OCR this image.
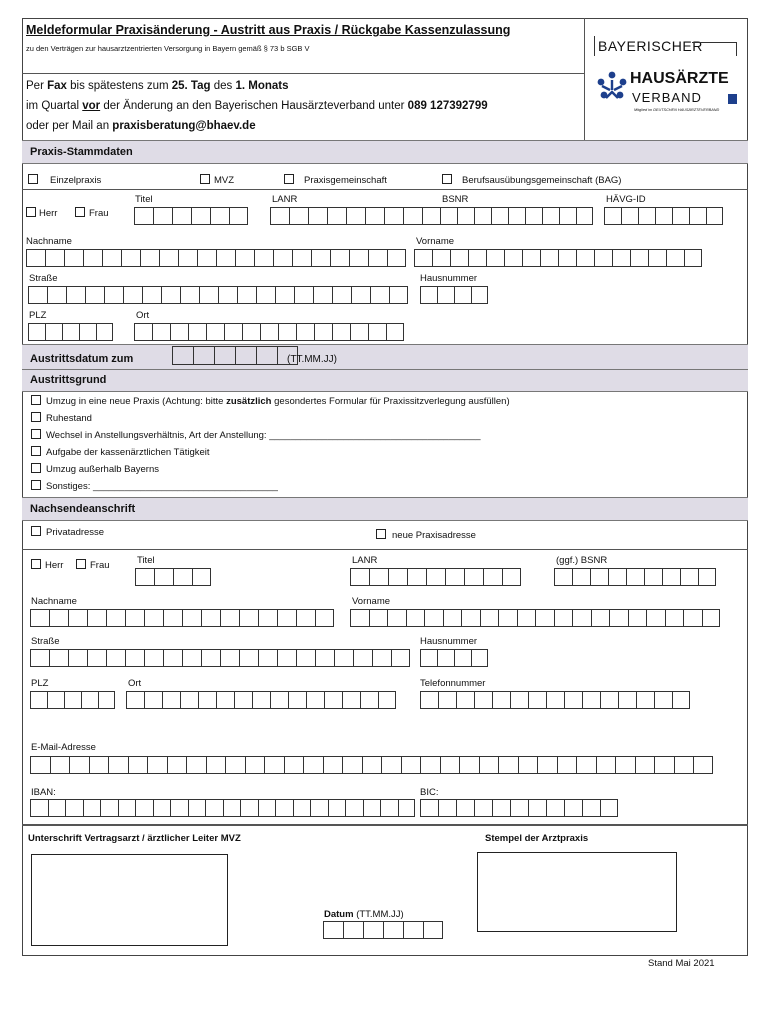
Meldeformular Praxisänderung - Austritt aus Praxis / Rückgabe Kassenzulassung
zu den Verträgen zur hausarztzentrierten Versorgung in Bayern gemäß § 73 b SGB V
Per Fax bis spätestens zum 25. Tag des 1. Monats
im Quartal vor der Änderung an den Bayerischen Hausärzteverband unter 089 127392799
oder per Mail an praxisberatung@bhaev.de
BAYERISCHER
HAUSÄRZTE
VERBAND
Mitglied im DEUTSCHEN HAUSÄRZTEVERBAND
Praxis-Stammdaten
Einzelpraxis	MVZ	Praxisgemeinschaft	Berufsausübungsgemeinschaft (BAG)
Herr	Frau
Titel	LANR	BSNR	HÄVG-ID
Nachname	Vorname
Straße	Hausnummer
PLZ	Ort
Austrittsdatum zum	(TT.MM.JJ)
Austrittsgrund
Umzug in eine neue Praxis (Achtung: bitte zusätzlich gesondertes Formular für Praxissitzverlegung ausfüllen)
Ruhestand
Wechsel in Anstellungsverhältnis, Art der Anstellung: ________________________________________
Aufgabe der kassenärztlichen Tätigkeit
Umzug außerhalb Bayerns
Sonstiges: ___________________________________
Nachsendeanschrift
Privatadresse	neue Praxisadresse
Herr	Frau	Titel	LANR	(ggf.) BSNR
Nachname	Vorname
Straße	Hausnummer
PLZ	Ort	Telefonnummer
E-Mail-Adresse
IBAN:	BIC:
Unterschrift Vertragsarzt / ärztlicher Leiter MVZ	Stempel der Arztpraxis
Datum (TT.MM.JJ)
Stand Mai 2021
